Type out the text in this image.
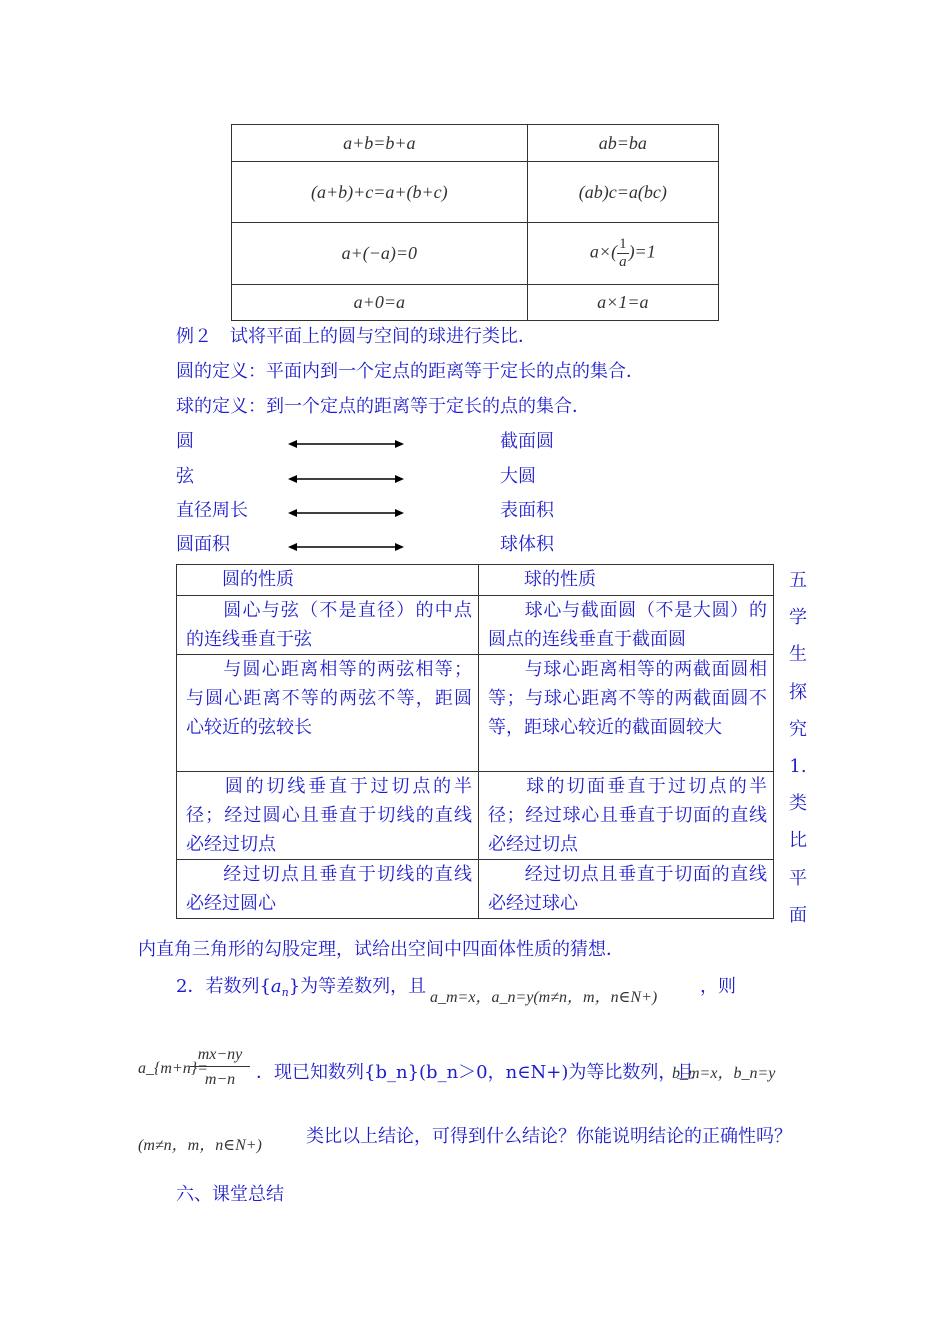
a+b=b+a	ab=ba
(a+b)+c=a+(b+c)	(ab)c=a(bc)
a+(−a)=0	$a\times( \frac{1}{a} )=1$
a+0=a	a×1=a
例２　试将平面上的圆与空间的球进行类比．
圆的定义：平面内到一个定点的距离等于定长的点的集合．
球的定义：到一个定点的距离等于定长的点的集合．
圆	截面圆
弦	大圆
直径周长	表面积
圆面积	球体积
圆的性质	球的性质
圆心与弦（不是直径）的中点的连线垂直于弦	球心与截面圆（不是大圆）的圆点的连线垂直于截面圆
与圆心距离相等的两弦相等；与圆心距离不等的两弦不等，距圆心较近的弦较长	与球心距离相等的两截面圆相等；与球心距离不等的两截面圆不等，距球心较近的截面圆较大
圆的切线垂直于过切点的半径；经过圆心且垂直于切线的直线必经过切点	球的切面垂直于过切点的半径；经过球心且垂直于切面的直线必经过切点
经过切点且垂直于切线的直线必经过圆心	经过切点且垂直于切面的直线必经过球心
五
学
生
探
究
1.
类
比
平
面
内直角三角形的勾股定理，试给出空间中四面体性质的猜想．
2．若数列$\{a_n\}$为等差数列，且
a_m=x，a_n=y(m≠n，m，n∈N+)
，则
a_{m+n}=
$\frac{mx-ny}{m-n}$ ．现已知数列{b_n}(b_n＞0，n∈N+)为等比数列，且
b_m=x，b_n=y
(m≠n，m，n∈N+) 类比以上结论，可得到什么结论？你能说明结论的正确性吗？
六、课堂总结
